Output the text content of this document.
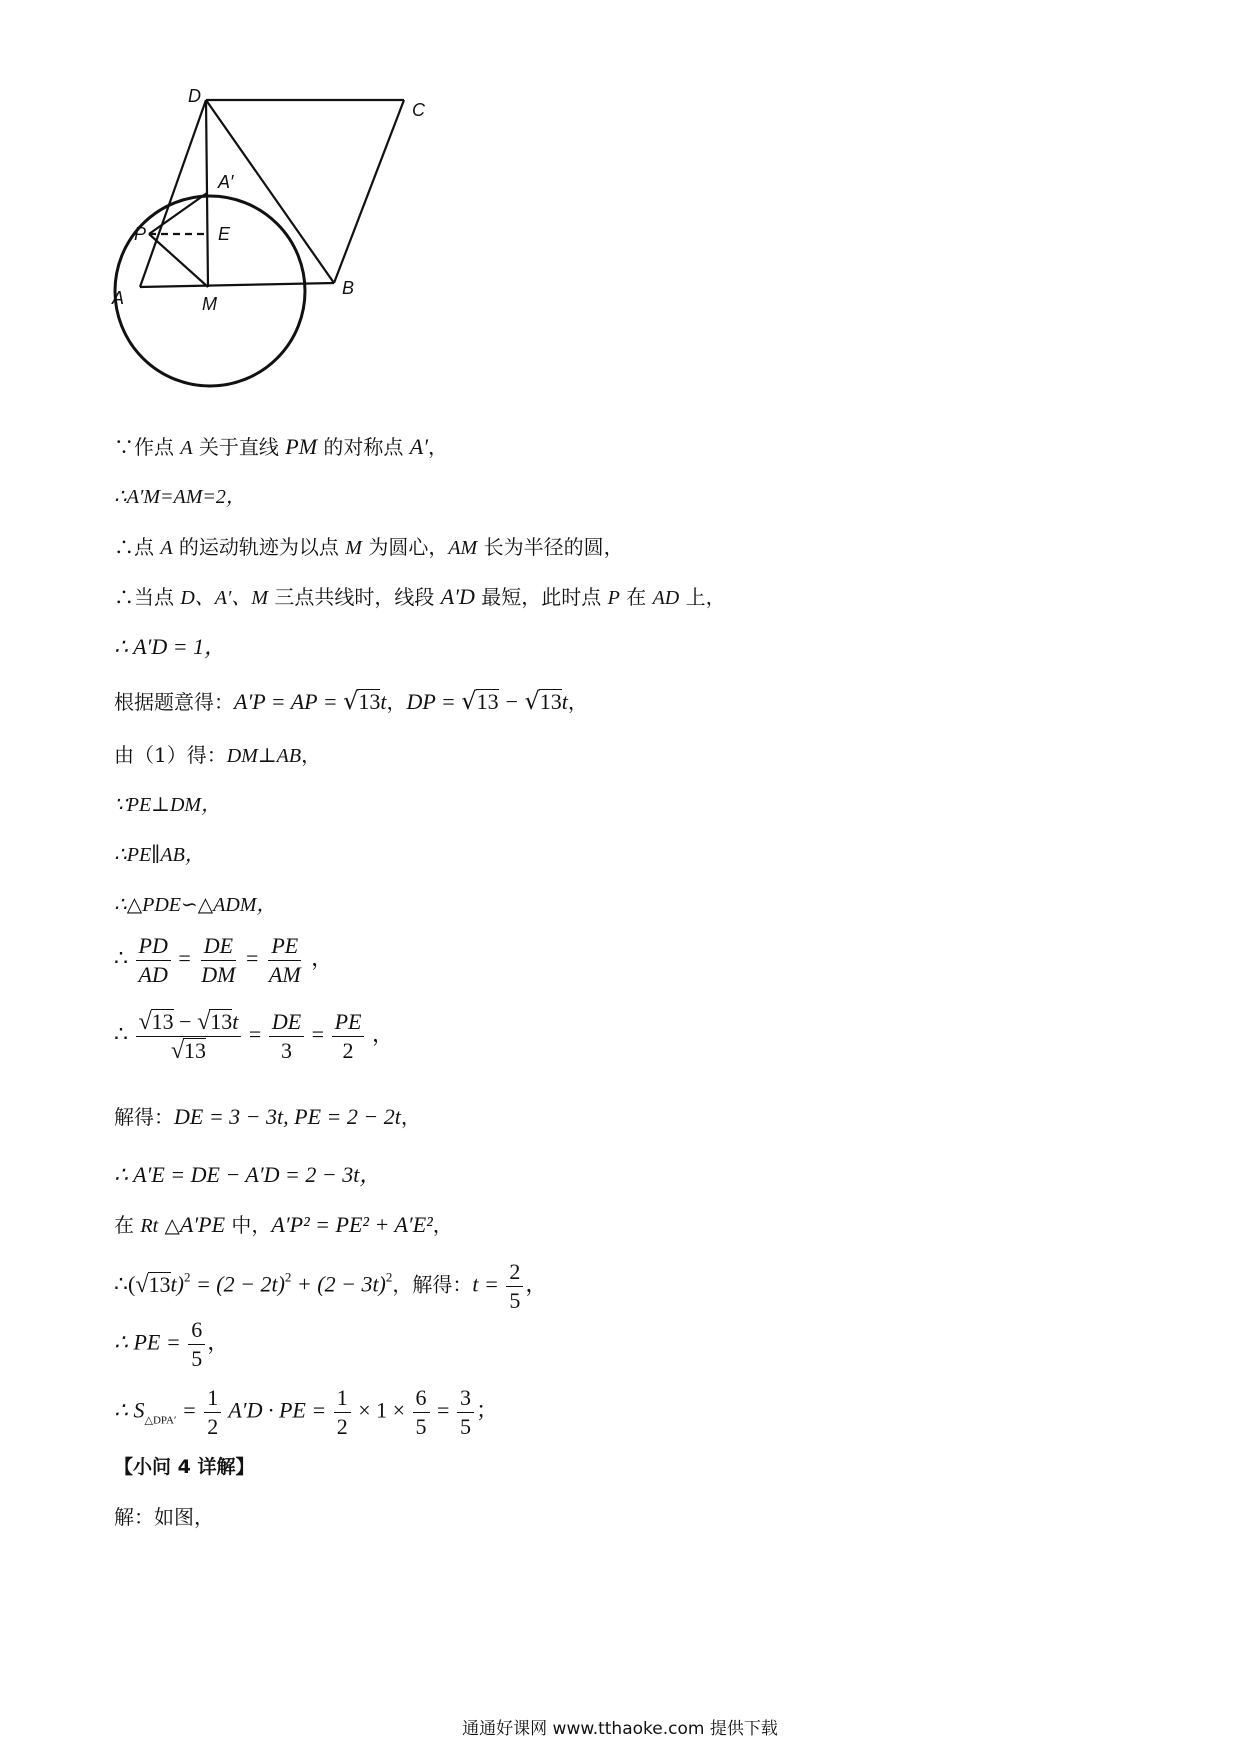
D
C
A′
E
P
A	M
B
∵作点 A 关于直线 PM 的对称点 A′，
∴A′M=AM=2，
∴点 A 的运动轨迹为以点 M 为圆心，AM 长为半径的圆，
∴当点 D、A′、M 三点共线时，线段 A′D 最短，此时点 P 在 AD 上，
∴ A′D = 1，
根据题意得：A′P = AP = √13t，DP = √13 − √13t，
由（1）得：DM⊥AB，
∵PE⊥DM，
∴PE∥AB，
∴△PDE∽△ADM，
∴ $\frac{PD}{AD} = \frac{DE}{DM} = \frac{PE}{AM}$ ，
∴ $\frac{√13 - √13t}{√13} = \frac{DE}{3} = \frac{PE}{2}$ ，
解得：DE = 3 − 3t, PE = 2 − 2t，
∴ A′E = DE − A′D = 2 − 3t，
在 Rt △A′PE 中，A′P² = PE² + A′E²，
$\therefore(√13t)^2 = (2 - 2t)^2 + (2 - 3t)^2$，解得：$t = \frac{2}{5}$ ，
∴ PE = $\frac{6}{5}$ ，
∴ $S_{\triangle DPA'} = \frac{1}{2} A'D$ · PE = $\frac{1}{2} \times 1 \times \frac{6}{5} = \frac{3}{5}$ ；
【小问 4 详解】
解：如图，
通通好课网 www.tthaoke.com 提供下载
